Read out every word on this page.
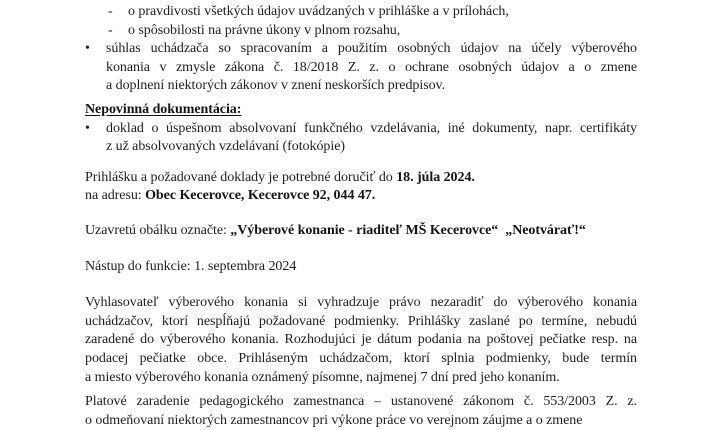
- o pravdivosti všetkých údajov uvádzaných v prihláške a v prílohách,
- o spôsobilosti na právne úkony v plnom rozsahu,
• súhlas uchádzača so spracovaním a použitím osobných údajov na účely výberového
konania v zmysle zákona č. 18/2018 Z. z. o ochrane osobných údajov a o zmene
a doplnení niektorých zákonov v znení neskorších predpisov.
Nepovinná dokumentácia:
• doklad o úspešnom absolvovaní funkčného vzdelávania, iné dokumenty, napr. certifikáty
z už absolvovaných vzdelávaní (fotokópie)
Prihlášku a požadované doklady je potrebné doručiť do 18. júla 2024.
na adresu: Obec Kecerovce, Kecerovce 92, 044 47.
Uzavretú obálku označte: „Výberové konanie - riaditeľ MŠ Kecerovce“ „Neotvárať!“
Nástup do funkcie: 1. septembra 2024
Vyhlasovateľ výberového konania si vyhradzuje právo nezaradiť do výberového konania
uchádzačov, ktorí nespĺňajú požadované podmienky. Prihlášky zaslané po termíne, nebudú
zaradené do výberového konania. Rozhodujúci je dátum podania na poštovej pečiatke resp. na
podacej pečiatke obce. Prihláseným uchádzačom, ktorí splnia podmienky, bude termín
a miesto výberového konania oznámený písomne, najmenej 7 dní pred jeho konaním.
Platové zaradenie pedagogického zamestnanca – ustanovené zákonom č. 553/2003 Z. z.
o odmeňovaní niektorých zamestnancov pri výkone práce vo verejnom záujme a o zmene
